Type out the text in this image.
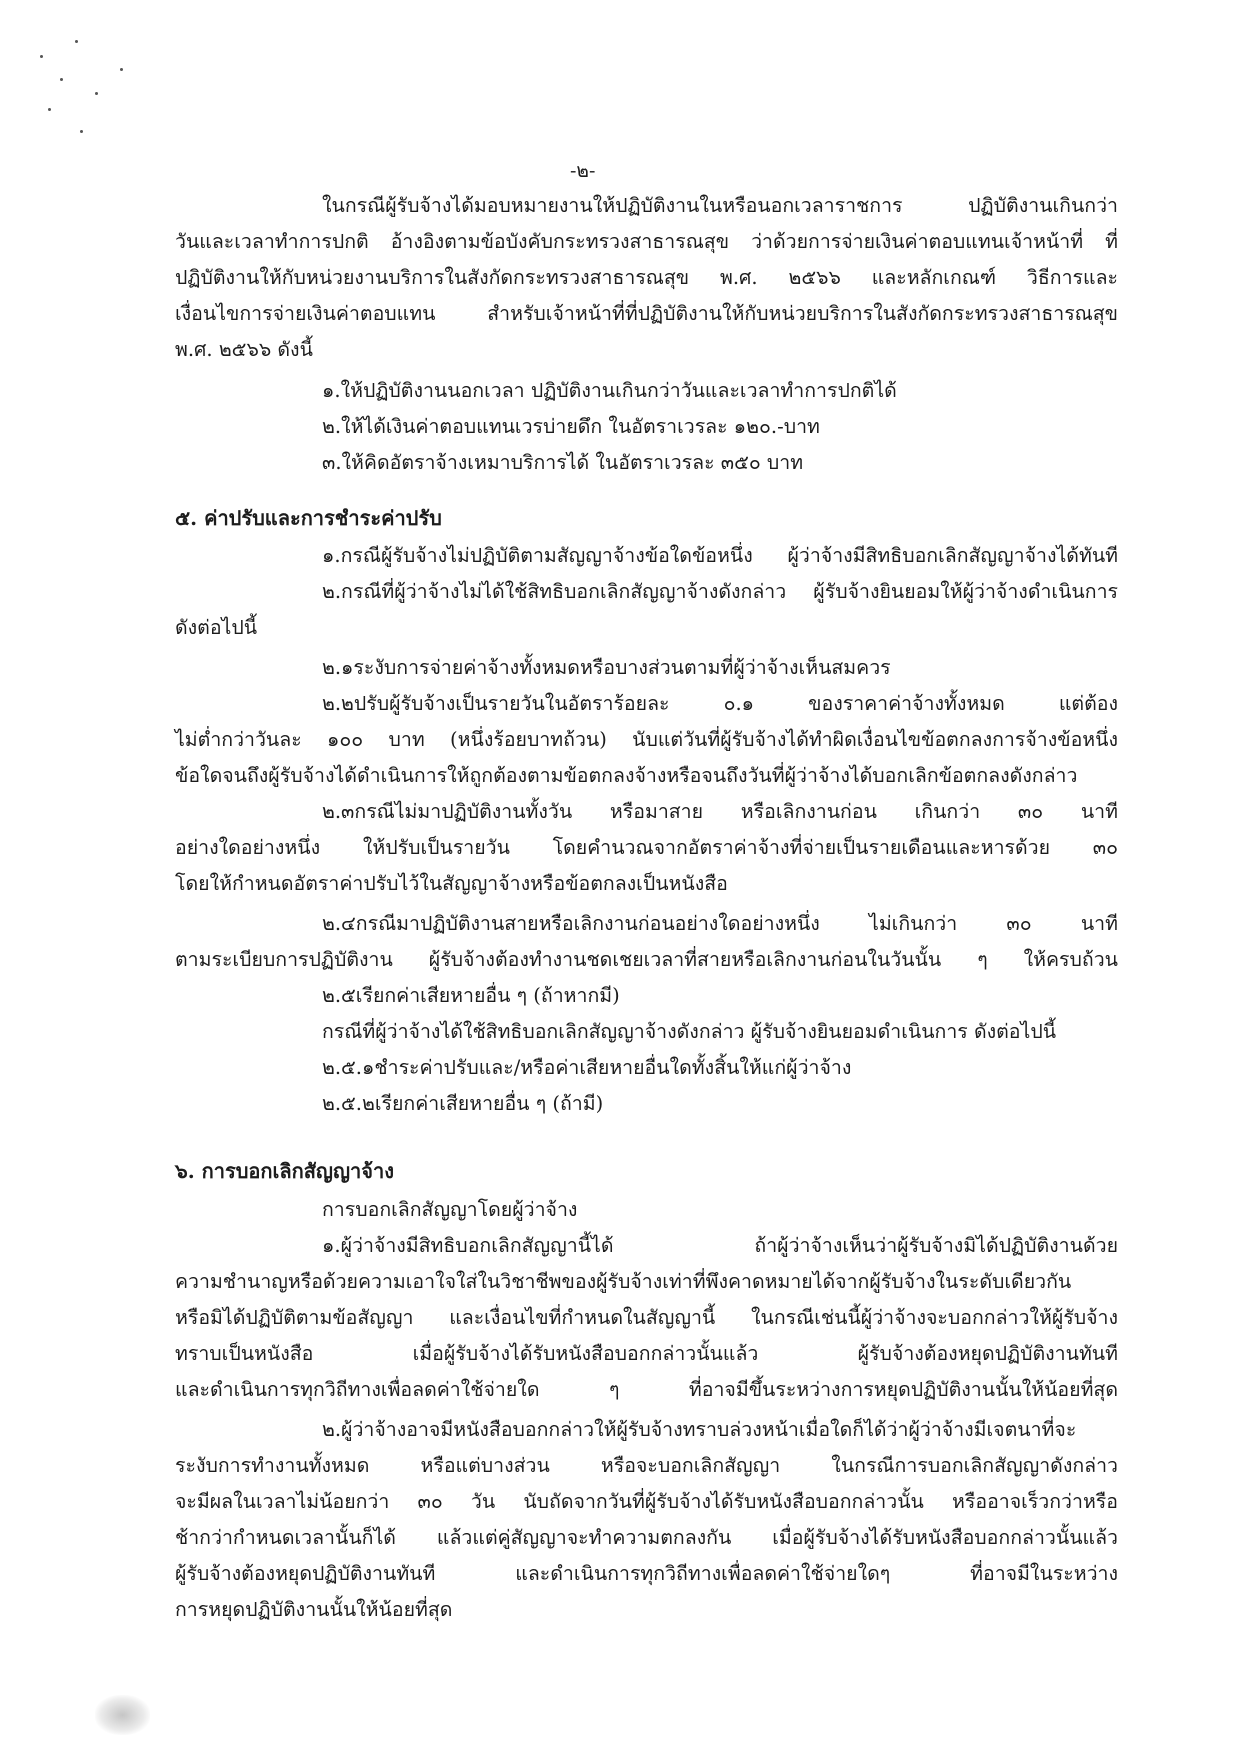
-๒-
ในกรณีผู้รับจ้างได้มอบหมายงานให้ปฏิบัติงานในหรือนอกเวลาราชการ ปฏิบัติงานเกินกว่า
วันและเวลาทำการปกติ อ้างอิงตามข้อบังคับกระทรวงสาธารณสุข ว่าด้วยการจ่ายเงินค่าตอบแทนเจ้าหน้าที่ ที่
ปฏิบัติงานให้กับหน่วยงานบริการในสังกัดกระทรวงสาธารณสุข พ.ศ. ๒๕๖๖ และหลักเกณฑ์ วิธีการและ
เงื่อนไขการจ่ายเงินค่าตอบแทน สำหรับเจ้าหน้าที่ที่ปฏิบัติงานให้กับหน่วยบริการในสังกัดกระทรวงสาธารณสุข
พ.ศ. ๒๕๖๖ ดังนี้
๑.ให้ปฏิบัติงานนอกเวลา ปฏิบัติงานเกินกว่าวันและเวลาทำการปกติได้
๒.ให้ได้เงินค่าตอบแทนเวรบ่ายดึก ในอัตราเวรละ ๑๒๐.-บาท
๓.ให้คิดอัตราจ้างเหมาบริการได้ ในอัตราเวรละ ๓๕๐ บาท
๕. ค่าปรับและการชำระค่าปรับ
๑.กรณีผู้รับจ้างไม่ปฏิบัติตามสัญญาจ้างข้อใดข้อหนึ่ง ผู้ว่าจ้างมีสิทธิบอกเลิกสัญญาจ้างได้ทันที
๒.กรณีที่ผู้ว่าจ้างไม่ได้ใช้สิทธิบอกเลิกสัญญาจ้างดังกล่าว ผู้รับจ้างยินยอมให้ผู้ว่าจ้างดำเนินการ
ดังต่อไปนี้
๒.๑ระงับการจ่ายค่าจ้างทั้งหมดหรือบางส่วนตามที่ผู้ว่าจ้างเห็นสมควร
๒.๒ปรับผู้รับจ้างเป็นรายวันในอัตราร้อยละ ๐.๑ ของราคาค่าจ้างทั้งหมด แต่ต้อง
ไม่ต่ำกว่าวันละ ๑๐๐ บาท (หนึ่งร้อยบาทถ้วน) นับแต่วันที่ผู้รับจ้างได้ทำผิดเงื่อนไขข้อตกลงการจ้างข้อหนึ่ง
ข้อใดจนถึงผู้รับจ้างได้ดำเนินการให้ถูกต้องตามข้อตกลงจ้างหรือจนถึงวันที่ผู้ว่าจ้างได้บอกเลิกข้อตกลงดังกล่าว
๒.๓กรณีไม่มาปฏิบัติงานทั้งวัน หรือมาสาย หรือเลิกงานก่อน เกินกว่า ๓๐ นาที
อย่างใดอย่างหนึ่ง ให้ปรับเป็นรายวัน โดยคำนวณจากอัตราค่าจ้างที่จ่ายเป็นรายเดือนและหารด้วย ๓๐
โดยให้กำหนดอัตราค่าปรับไว้ในสัญญาจ้างหรือข้อตกลงเป็นหนังสือ
๒.๔กรณีมาปฏิบัติงานสายหรือเลิกงานก่อนอย่างใดอย่างหนึ่ง ไม่เกินกว่า ๓๐ นาที
ตามระเบียบการปฏิบัติงาน ผู้รับจ้างต้องทำงานชดเชยเวลาที่สายหรือเลิกงานก่อนในวันนั้น ๆ ให้ครบถ้วน
๒.๕เรียกค่าเสียหายอื่น ๆ (ถ้าหากมี)
กรณีที่ผู้ว่าจ้างได้ใช้สิทธิบอกเลิกสัญญาจ้างดังกล่าว ผู้รับจ้างยินยอมดำเนินการ ดังต่อไปนี้
๒.๕.๑ชำระค่าปรับและ/หรือค่าเสียหายอื่นใดทั้งสิ้นให้แก่ผู้ว่าจ้าง
๒.๕.๒เรียกค่าเสียหายอื่น ๆ (ถ้ามี)
๖. การบอกเลิกสัญญาจ้าง
การบอกเลิกสัญญาโดยผู้ว่าจ้าง
๑.ผู้ว่าจ้างมีสิทธิบอกเลิกสัญญานี้ได้ ถ้าผู้ว่าจ้างเห็นว่าผู้รับจ้างมิได้ปฏิบัติงานด้วย
ความชำนาญหรือด้วยความเอาใจใส่ในวิชาชีพของผู้รับจ้างเท่าที่พึงคาดหมายได้จากผู้รับจ้างในระดับเดียวกัน
หรือมิได้ปฏิบัติตามข้อสัญญา และเงื่อนไขที่กำหนดในสัญญานี้ ในกรณีเช่นนี้ผู้ว่าจ้างจะบอกกล่าวให้ผู้รับจ้าง
ทราบเป็นหนังสือ เมื่อผู้รับจ้างได้รับหนังสือบอกกล่าวนั้นแล้ว ผู้รับจ้างต้องหยุดปฏิบัติงานทันที
และดำเนินการทุกวิถีทางเพื่อลดค่าใช้จ่ายใด ๆ ที่อาจมีขึ้นระหว่างการหยุดปฏิบัติงานนั้นให้น้อยที่สุด
๒.ผู้ว่าจ้างอาจมีหนังสือบอกกล่าวให้ผู้รับจ้างทราบล่วงหน้าเมื่อใดก็ได้ว่าผู้ว่าจ้างมีเจตนาที่จะ
ระงับการทำงานทั้งหมด หรือแต่บางส่วน หรือจะบอกเลิกสัญญา ในกรณีการบอกเลิกสัญญาดังกล่าว
จะมีผลในเวลาไม่น้อยกว่า ๓๐ วัน นับถัดจากวันที่ผู้รับจ้างได้รับหนังสือบอกกล่าวนั้น หรืออาจเร็วกว่าหรือ
ช้ากว่ากำหนดเวลานั้นก็ได้ แล้วแต่คู่สัญญาจะทำความตกลงกัน เมื่อผู้รับจ้างได้รับหนังสือบอกกล่าวนั้นแล้ว
ผู้รับจ้างต้องหยุดปฏิบัติงานทันที และดำเนินการทุกวิถีทางเพื่อลดค่าใช้จ่ายใดๆ ที่อาจมีในระหว่าง
การหยุดปฏิบัติงานนั้นให้น้อยที่สุด
